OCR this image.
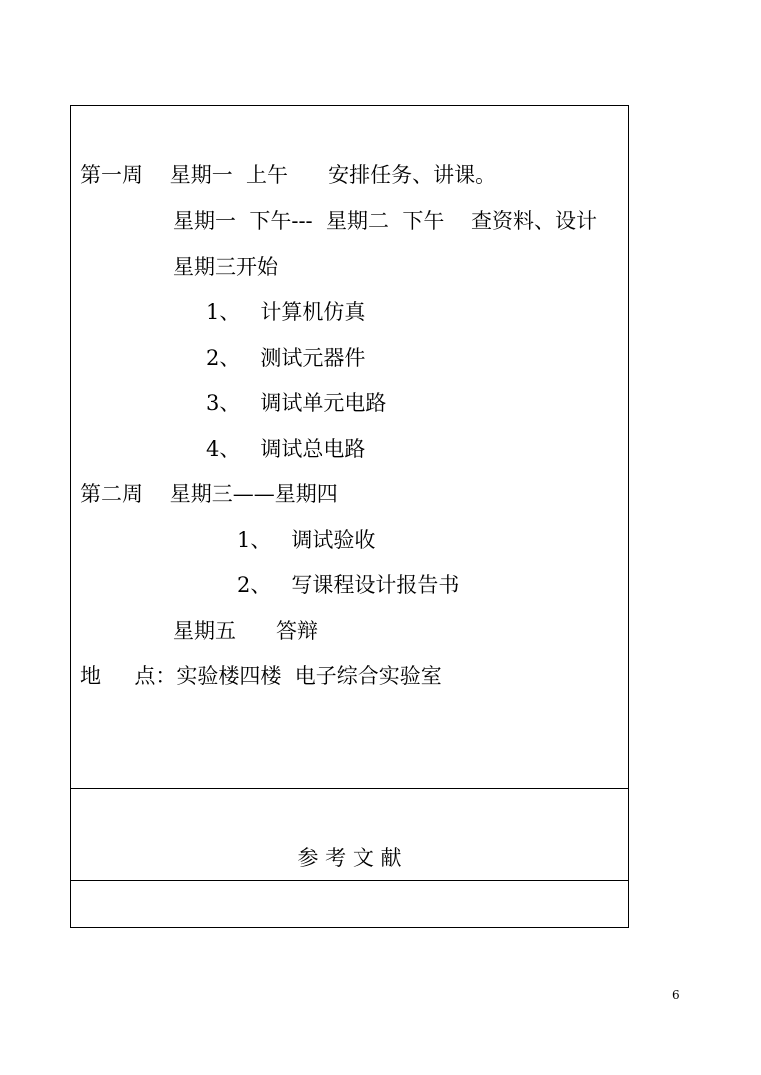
第一周    星期一  上午      安排任务、讲课。
星期一  下午---  星期二  下午    查资料、设计
星期三开始
1、   计算机仿真
2、   测试元器件
3、   调试单元电路
4、   调试总电路
第二周    星期三——星期四
1、   调试验收
2、   写课程设计报告书
星期五      答辩
地     点：实验楼四楼  电子综合实验室
参 考 文 献
6
